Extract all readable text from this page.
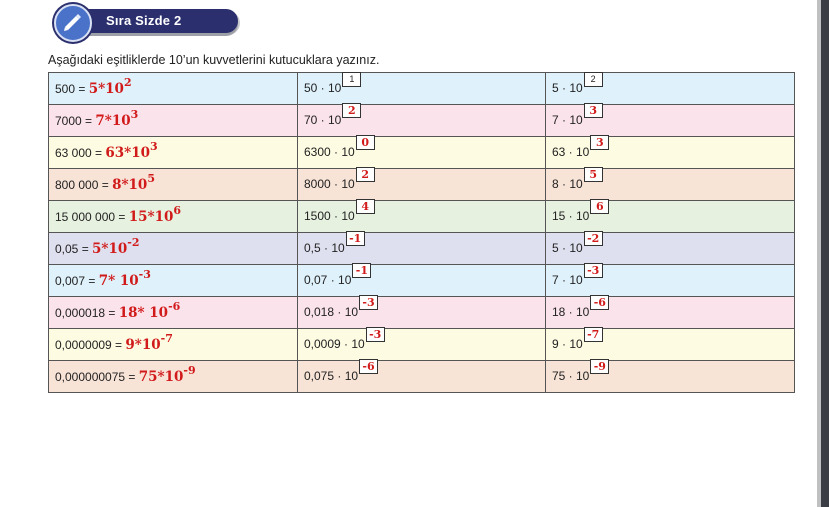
Sıra Sizde 2
Aşağıdaki eşitliklerde 10’un kuvvetlerini kutucuklara yazınız.
500 = 5*102	50 · 101	5 · 102
7000 = 7*103	70 · 102	7 · 103
63 000 = 63*103	6300 · 100	63 · 103
800 000 = 8*105	8000 · 102	8 · 105
15 000 000 = 15*106	1500 · 104	15 · 106
0,05 = 5*10-2	0,5 · 10-1	5 · 10-2
0,007 = 7* 10-3	0,07 · 10-1	7 · 10-3
0,000018 = 18* 10-6	0,018 · 10-3	18 · 10-6
0,0000009 = 9*10-7	0,0009 · 10-3	9 · 10-7
0,000000075 = 75*10-9	0,075 · 10-6	75 · 10-9
